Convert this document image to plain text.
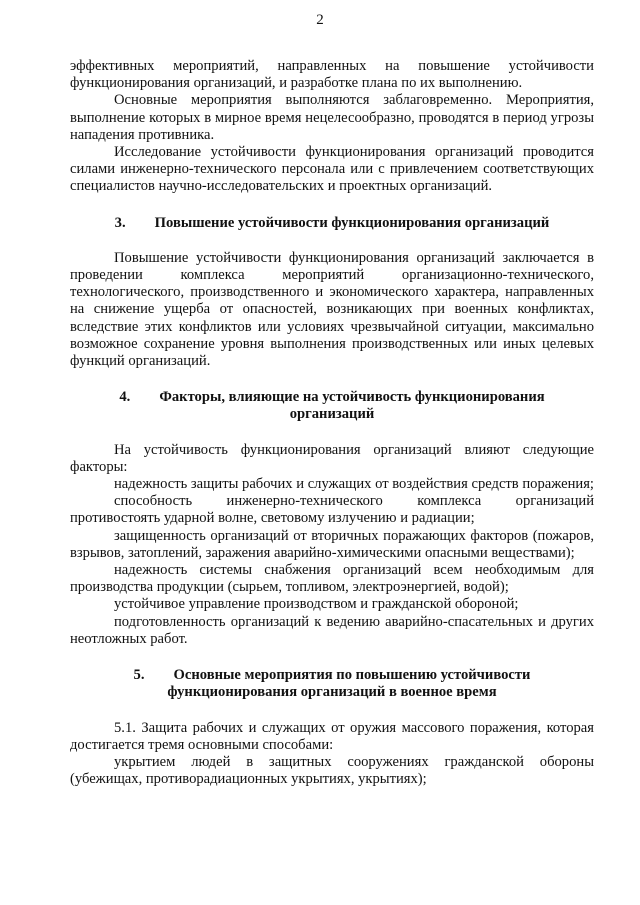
2

эффективных мероприятий, направленных на повышение устойчивости функционирования организаций, и разработке плана по их выполнению.

Основные мероприятия выполняются заблаговременно. Мероприятия, выполнение которых в мирное время нецелесообразно, проводятся в период угрозы нападения противника.

Исследование устойчивости функционирования организаций проводится силами инженерно-технического персонала или с привлечением соответствующих специалистов научно-исследовательских и проектных организаций.

3. Повышение устойчивости функционирования организаций

Повышение устойчивости функционирования организаций заключается в проведении комплекса мероприятий организационно-технического, технологического, производственного и экономического характера, направленных на снижение ущерба от опасностей, возникающих при военных конфликтах, вследствие этих конфликтов или условиях чрезвычайной ситуации, максимально возможное сохранение уровня выполнения производственных или иных целевых функций организаций.

4. Факторы, влияющие на устойчивость функционирования
организаций

На устойчивость функционирования организаций влияют следующие факторы:

надежность защиты рабочих и служащих от воздействия средств поражения;

способность инженерно-технического комплекса организаций противостоять ударной волне, световому излучению и радиации;

защищенность организаций от вторичных поражающих факторов (пожаров, взрывов, затоплений, заражения аварийно-химическими опасными веществами);

надежность системы снабжения организаций всем необходимым для производства продукции (сырьем, топливом, электроэнергией, водой);

устойчивое управление производством и гражданской обороной;

подготовленность организаций к ведению аварийно-спасательных и других неотложных работ.

5. Основные мероприятия по повышению устойчивости
функционирования организаций в военное время

5.1. Защита рабочих и служащих от оружия массового поражения, которая достигается тремя основными способами:

укрытием людей в защитных сооружениях гражданской обороны (убежищах, противорадиационных укрытиях, укрытиях);
